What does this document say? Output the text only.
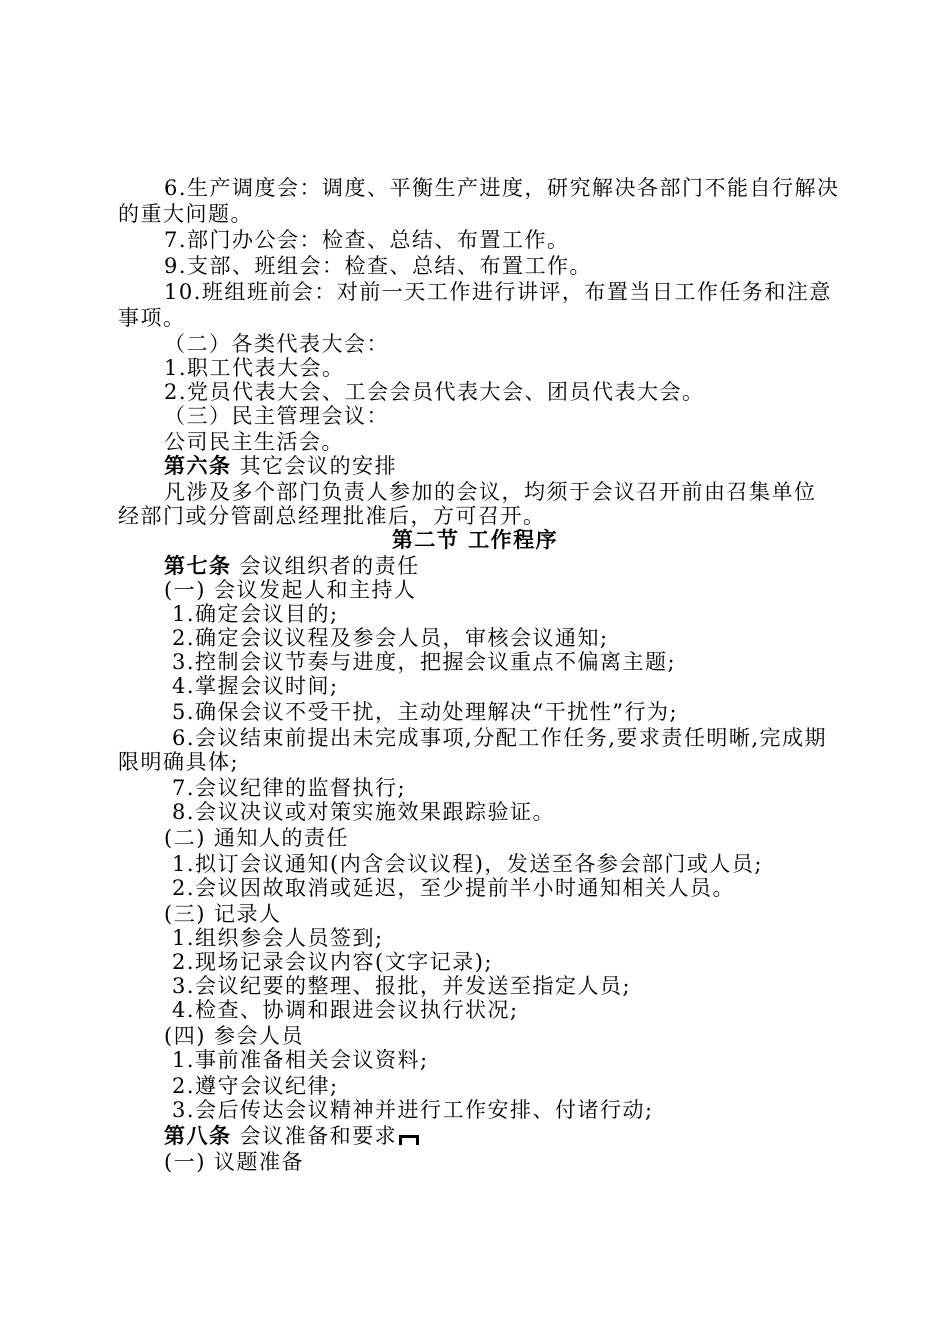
6.生产调度会：调度、平衡生产进度，研究解决各部门不能自行解决
的重大问题。
7.部门办公会：检查、总结、布置工作。
9.支部、班组会：检查、总结、布置工作。
10.班组班前会：对前一天工作进行讲评，布置当日工作任务和注意
事项。
（二）各类代表大会：
1.职工代表大会。
2.党员代表大会、工会会员代表大会、团员代表大会。
（三）民主管理会议：
公司民主生活会。
第六条 其它会议的安排
凡涉及多个部门负责人参加的会议，均须于会议召开前由召集单位
经部门或分管副总经理批准后，方可召开。
第二节 工作程序
第七条 会议组织者的责任
(一) 会议发起人和主持人
1.确定会议目的;
2.确定会议议程及参会人员，审核会议通知;
3.控制会议节奏与进度，把握会议重点不偏离主题;
4.掌握会议时间;
5.确保会议不受干扰，主动处理解决“干扰性”行为;
6.会议结束前提出未完成事项,分配工作任务,要求责任明晰,完成期
限明确具体;
7.会议纪律的监督执行;
8.会议决议或对策实施效果跟踪验证。
(二) 通知人的责任
1.拟订会议通知(内含会议议程)，发送至各参会部门或人员;
2.会议因故取消或延迟，至少提前半小时通知相关人员。
(三) 记录人
1.组织参会人员签到;
2.现场记录会议内容(文字记录);
3.会议纪要的整理、报批，并发送至指定人员;
4.检查、协调和跟进会议执行状况;
(四) 参会人员
1.事前准备相关会议资料;
2.遵守会议纪律;
3.会后传达会议精神并进行工作安排、付诸行动;
第八条 会议准备和要求
(一) 议题准备
